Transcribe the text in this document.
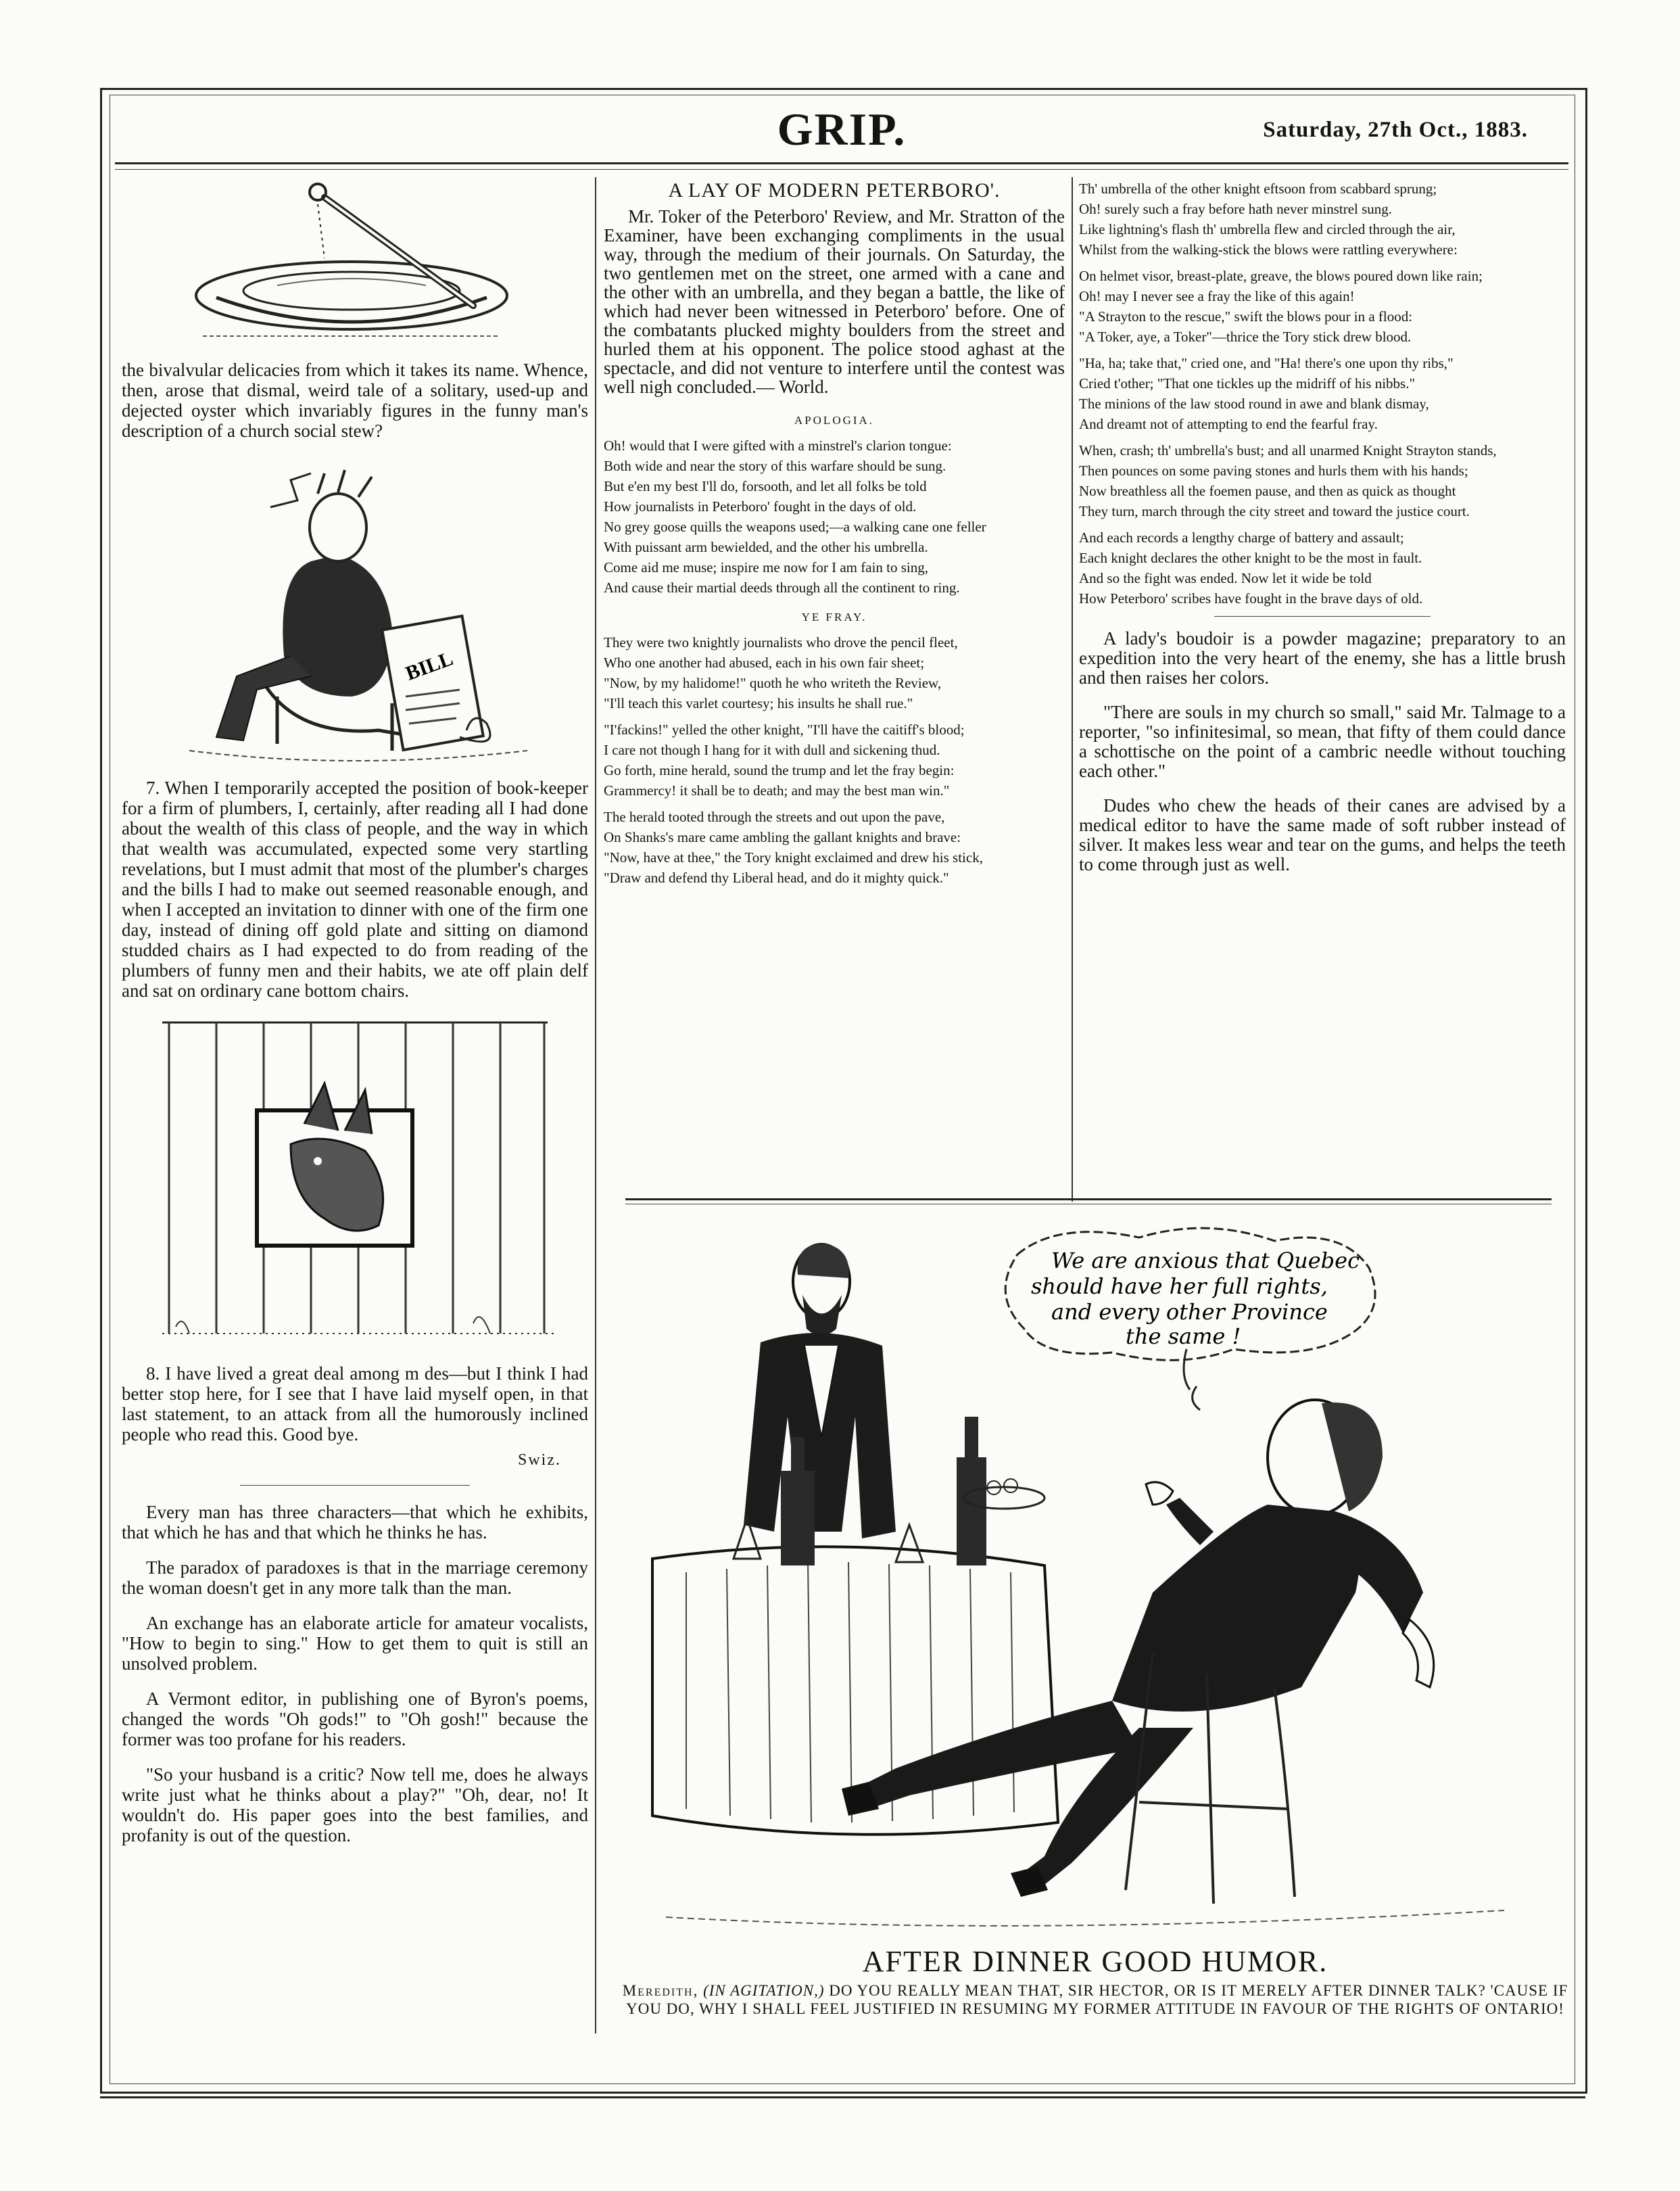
GRIP.	Saturday, 27th Oct., 1883.

the bivalvular delicacies from which it takes its name. Whence, then, arose that dismal, weird tale of a solitary, used-up and dejected oyster which invariably figures in the funny man's description of a church social stew?

BILL

7. When I temporarily accepted the position of book-keeper for a firm of plumbers, I, certainly, after reading all I had done about the wealth of this class of people, and the way in which that wealth was accumulated, expected some very startling revelations, but I must admit that most of the plumber's charges and the bills I had to make out seemed reasonable enough, and when I accepted an invitation to dinner with one of the firm one day, instead of dining off gold plate and sitting on diamond studded chairs as I had expected to do from reading of the plumbers of funny men and their habits, we ate off plain delf and sat on ordinary cane bottom chairs.

8. I have lived a great deal among m des—but I think I had better stop here, for I see that I have laid myself open, in that last statement, to an attack from all the humorously inclined people who read this. Good bye.

Swiz.

Every man has three characters—that which he exhibits, that which he has and that which he thinks he has.

The paradox of paradoxes is that in the marriage ceremony the woman doesn't get in any more talk than the man.

An exchange has an elaborate article for amateur vocalists, "How to begin to sing." How to get them to quit is still an unsolved problem.

A Vermont editor, in publishing one of Byron's poems, changed the words "Oh gods!" to "Oh gosh!" because the former was too profane for his readers.

"So your husband is a critic? Now tell me, does he always write just what he thinks about a play?" "Oh, dear, no! It wouldn't do. His paper goes into the best families, and profanity is out of the question.

A LAY OF MODERN PETERBORO'.

Mr. Toker of the Peterboro' Review, and Mr. Stratton of the Examiner, have been exchanging compliments in the usual way, through the medium of their journals. On Saturday, the two gentlemen met on the street, one armed with a cane and the other with an umbrella, and they began a battle, the like of which had never been witnessed in Peterboro' before. One of the combatants plucked mighty boulders from the street and hurled them at his opponent. The police stood aghast at the spectacle, and did not venture to interfere until the contest was well nigh concluded.— World.

APOLOGIA.
Oh! would that I were gifted with a minstrel's clarion tongue:
Both wide and near the story of this warfare should be sung.
But e'en my best I'll do, forsooth, and let all folks be told
How journalists in Peterboro' fought in the days of old.
No grey goose quills the weapons used;—a walking cane one feller
With puissant arm bewielded, and the other his umbrella.
Come aid me muse; inspire me now for I am fain to sing,
And cause their martial deeds through all the continent to ring.
YE FRAY.
They were two knightly journalists who drove the pencil fleet,
Who one another had abused, each in his own fair sheet;
"Now, by my halidome!" quoth he who writeth the Review,
"I'll teach this varlet courtesy; his insults he shall rue."
"I'fackins!" yelled the other knight, "I'll have the caitiff's blood;
I care not though I hang for it with dull and sickening thud.
Go forth, mine herald, sound the trump and let the fray begin:
Grammercy! it shall be to death; and may the best man win."
The herald tooted through the streets and out upon the pave,
On Shanks's mare came ambling the gallant knights and brave:
"Now, have at thee," the Tory knight exclaimed and drew his stick,
"Draw and defend thy Liberal head, and do it mighty quick."
Th' umbrella of the other knight eftsoon from scabbard sprung;
Oh! surely such a fray before hath never minstrel sung.
Like lightning's flash th' umbrella flew and circled through the air,
Whilst from the walking-stick the blows were rattling everywhere:
On helmet visor, breast-plate, greave, the blows poured down like rain;
Oh! may I never see a fray the like of this again!
"A Strayton to the rescue," swift the blows pour in a flood:
"A Toker, aye, a Toker"—thrice the Tory stick drew blood.
"Ha, ha; take that," cried one, and "Ha! there's one upon thy ribs,"
Cried t'other; "That one tickles up the midriff of his nibbs."
The minions of the law stood round in awe and blank dismay,
And dreamt not of attempting to end the fearful fray.
When, crash; th' umbrella's bust; and all unarmed Knight Strayton stands,
Then pounces on some paving stones and hurls them with his hands;
Now breathless all the foemen pause, and then as quick as thought
They turn, march through the city street and toward the justice court.
And each records a lengthy charge of battery and assault;
Each knight declares the other knight to be the most in fault.
And so the fight was ended. Now let it wide be told
How Peterboro' scribes have fought in the brave days of old.

A lady's boudoir is a powder magazine; preparatory to an expedition into the very heart of the enemy, she has a little brush and then raises her colors.

"There are souls in my church so small," said Mr. Talmage to a reporter, "so infinitesimal, so mean, that fifty of them could dance a schottische on the point of a cambric needle without touching each other."

Dudes who chew the heads of their canes are advised by a medical editor to have the same made of soft rubber instead of silver. It makes less wear and tear on the gums, and helps the teeth to come through just as well.

We are anxious that Quebec
should have her full rights,
and every other Province
the same !
AFTER DINNER GOOD HUMOR.
Meredith, (IN AGITATION,) DO YOU REALLY MEAN THAT, SIR HECTOR, OR IS IT MERELY AFTER DINNER TALK? 'CAUSE IF YOU DO, WHY I SHALL FEEL JUSTIFIED IN RESUMING MY FORMER ATTITUDE IN FAVOUR OF THE RIGHTS OF ONTARIO!
